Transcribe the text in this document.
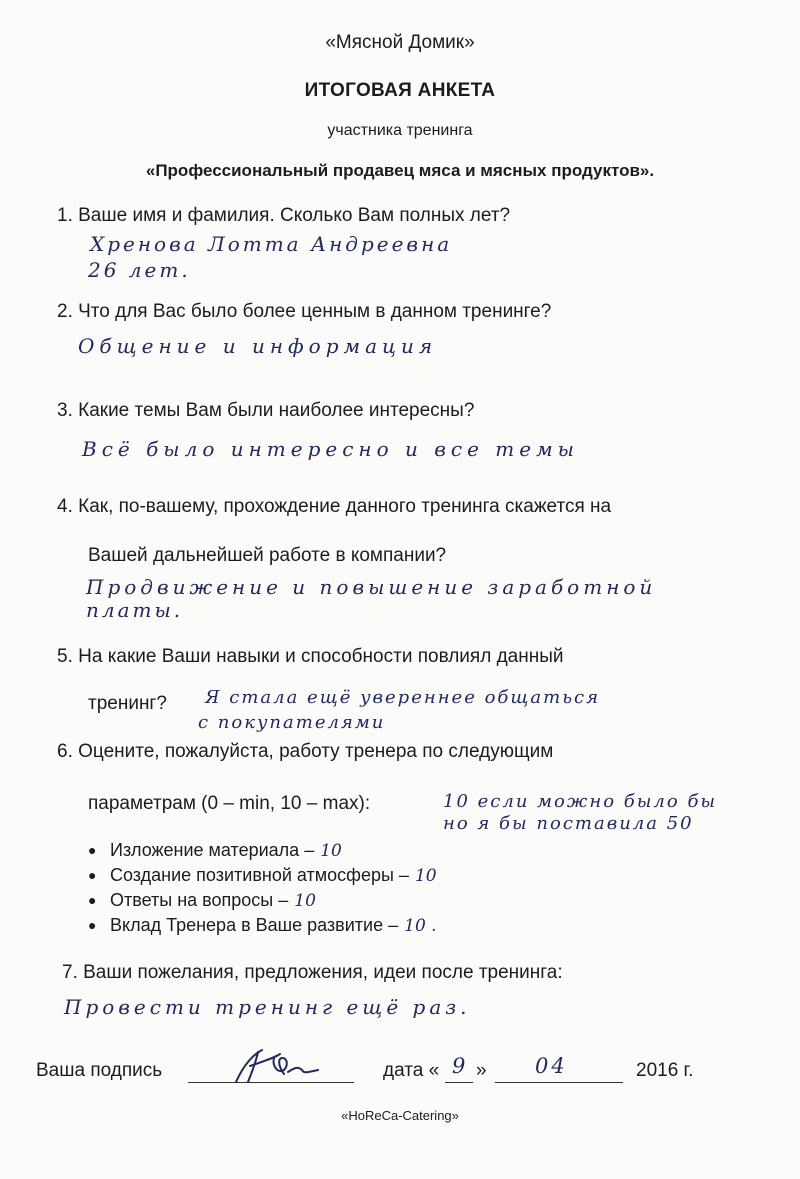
«Мясной Домик»
ИТОГОВАЯ АНКЕТА
участника тренинга
«Профессиональный продавец мяса и мясных продуктов».
1. Ваше имя и фамилия. Сколько Вам полных лет?
Хренова Лотта Андреевна
26 лет.
2. Что для Вас было более ценным в данном тренинге?
Общение и информация
3. Какие темы Вам были наиболее интересны?
Всё было интересно и все темы
4. Как, по-вашему, прохождение данного тренинга скажется на
Вашей дальнейшей работе в компании?
Продвижение и повышение заработной
платы.
5. На какие Ваши навыки и способности повлиял данный
тренинг? Я стала ещё увереннее общаться
с покупателями
6. Оцените, пожалуйста, работу тренера по следующим
параметрам (0 – min, 10 – max):	10 если можно было бы
но я бы поставила 50
● Изложение материала – 10
● Создание позитивной атмосферы – 10
● Ответы на вопросы – 10
● Вклад Тренера в Ваше развитие – 10 .
7. Ваши пожелания, предложения, идеи после тренинга:
Провести тренинг ещё раз.
Ваша подпись	дата « 9 » 04	2016 г.
«HoReCa-Catering»
